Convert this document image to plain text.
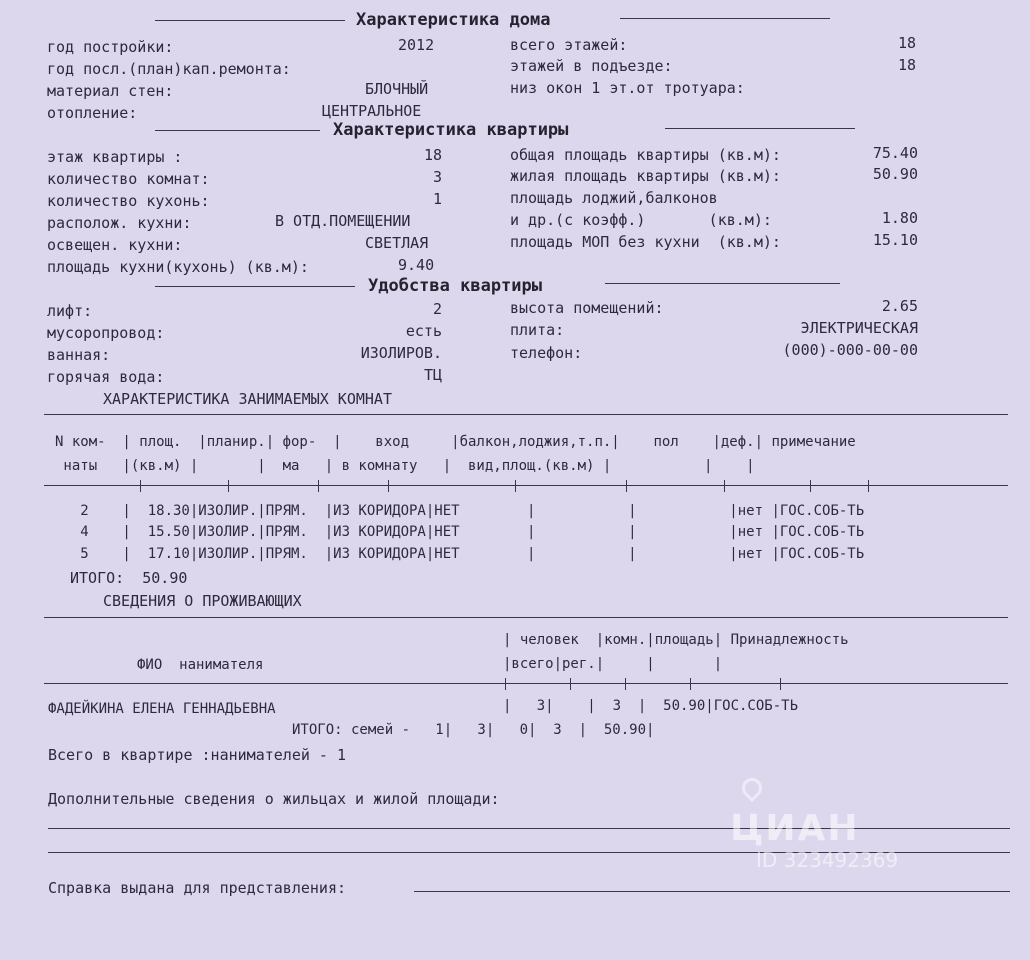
Характеристика дома
год постройки:	2012
год посл.(план)кап.ремонта:
материал стен:	БЛОЧНЫЙ
отопление:	ЦЕНТРАЛЬНОЕ
всего этажей:	18
этажей в подъезде:	18
низ окон 1 эт.от тротуара:
Характеристика квартиры
этаж квартиры :	18
количество комнат:	3
количество кухонь:	1
располож. кухни:	В ОТД.ПОМЕЩЕНИИ
освещен. кухни:	СВЕТЛАЯ
площадь кухни(кухонь) (кв.м):	9.40
общая площадь квартиры (кв.м):	75.40
жилая площадь квартиры (кв.м):	50.90
площадь лоджий,балконов
и др.(с коэфф.)       (кв.м):	1.80
площадь МОП без кухни  (кв.м):	15.10
Удобства квартиры
лифт:	2
мусоропровод:	есть
ванная:	ИЗОЛИРОВ.
горячая вода:	ТЦ
высота помещений:	2.65
плита:	ЭЛЕКТРИЧЕСКАЯ
телефон:	(000)-000-00-00
ХАРАКТЕРИСТИКА ЗАНИМАЕМЫХ КОМНАТ
N ком-  | площ.  |планир.| фор-  |    вход     |балкон,лоджия,т.п.|    пол    |деф.| примечание
наты   |(кв.м) |       |  ма   | в комнату   |  вид,площ.(кв.м) |           |    |
2    |  18.30|ИЗОЛИР.|ПРЯМ.  |ИЗ КОРИДОРА|НЕТ        |           |           |нет |ГОС.СОБ-ТЬ
4    |  15.50|ИЗОЛИР.|ПРЯМ.  |ИЗ КОРИДОРА|НЕТ        |           |           |нет |ГОС.СОБ-ТЬ
5    |  17.10|ИЗОЛИР.|ПРЯМ.  |ИЗ КОРИДОРА|НЕТ        |           |           |нет |ГОС.СОБ-ТЬ
ИТОГО:  50.90
СВЕДЕНИЯ О ПРОЖИВАЮЩИХ
| человек  |комн.|площадь| Принадлежность
ФИО  нанимателя	|всего|рег.|     |       |
ФАДЕЙКИНА ЕЛЕНА ГЕННАДЬЕВНА	|   3|    |  3  |  50.90|ГОС.СОБ-ТЬ
ИТОГО: семей -   1|   3|   0|  3  |  50.90|
Всего в квартире :нанимателей - 1
Дополнительные сведения о жильцах и жилой площади:
Справка выдана для представления:
ЦИАН
ID 323492369
